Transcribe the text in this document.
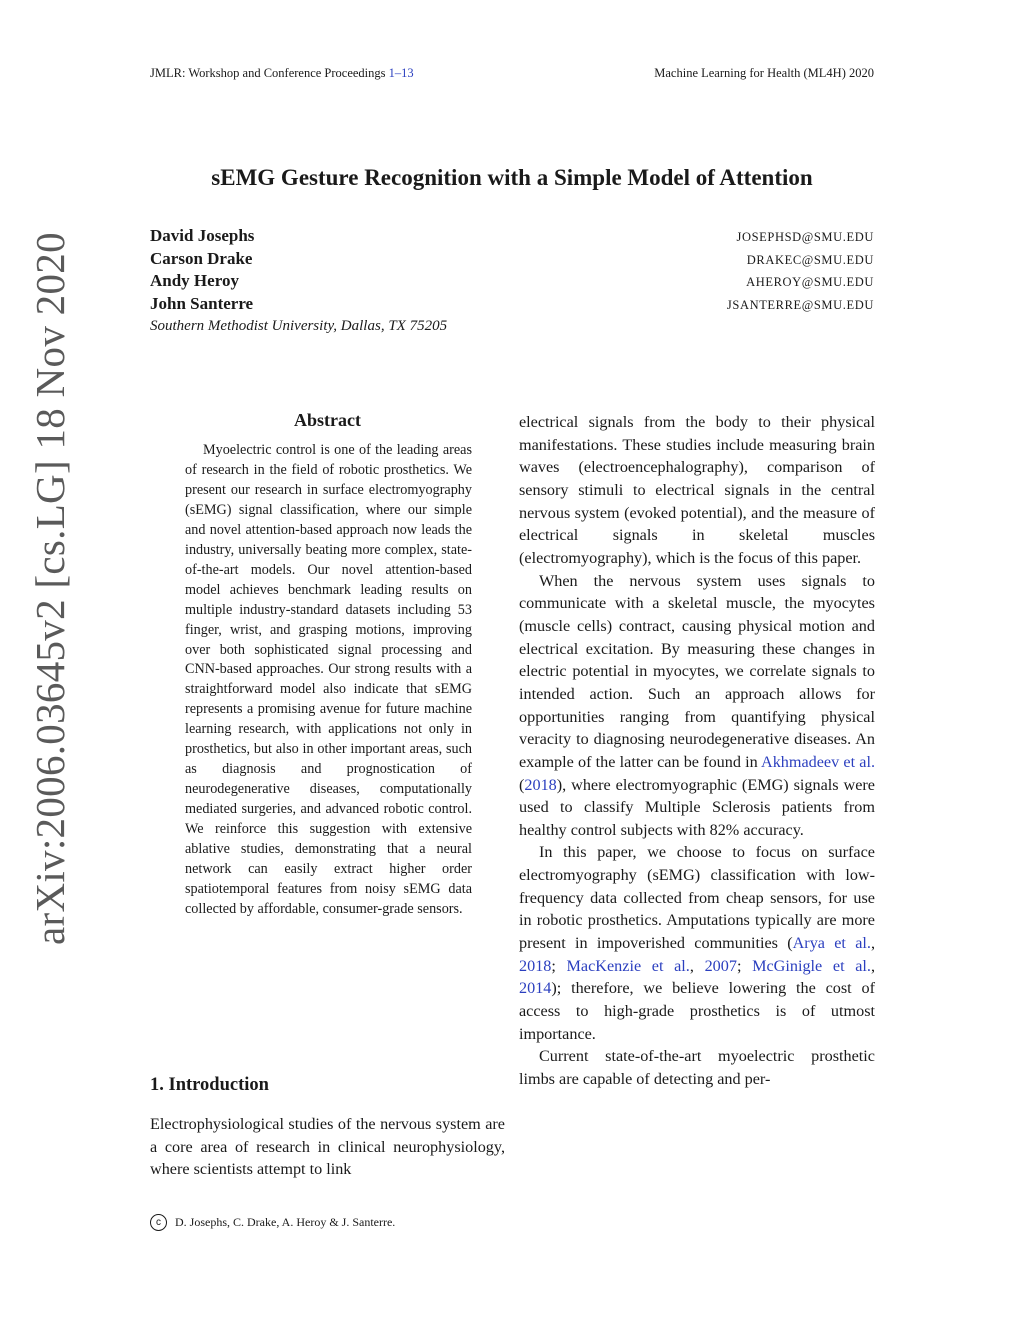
JMLR: Workshop and Conference Proceedings 1–13	Machine Learning for Health (ML4H) 2020
arXiv:2006.03645v2 [cs.LG] 18 Nov 2020
sEMG Gesture Recognition with a Simple Model of Attention
David Josephs	JOSEPHSD@SMU.EDU
Carson Drake	DRAKEC@SMU.EDU
Andy Heroy	AHEROY@SMU.EDU
John Santerre	JSANTERRE@SMU.EDU
Southern Methodist University, Dallas, TX 75205
Abstract
Myoelectric control is one of the leading areas of research in the field of robotic prosthetics. We present our research in surface electromyography (sEMG) signal classification, where our simple and novel attention-based approach now leads the industry, universally beating more complex, state-of-the-art models. Our novel attention-based model achieves benchmark leading results on multiple industry-standard datasets including 53 finger, wrist, and grasping motions, improving over both sophisticated signal processing and CNN-based approaches. Our strong results with a straightforward model also indicate that sEMG represents a promising avenue for future machine learning research, with applications not only in prosthetics, but also in other important areas, such as diagnosis and prognostication of neurodegenerative diseases, computationally mediated surgeries, and advanced robotic control. We reinforce this suggestion with extensive ablative studies, demonstrating that a neural network can easily extract higher order spatiotemporal features from noisy sEMG data collected by affordable, consumer-grade sensors.
1. Introduction
Electrophysiological studies of the nervous system are a core area of research in clinical neurophysiology, where scientists attempt to link

electrical signals from the body to their physical manifestations. These studies include measuring brain waves (electroencephalography), comparison of sensory stimuli to electrical signals in the central nervous system (evoked potential), and the measure of electrical signals in skeletal muscles (electromyography), which is the focus of this paper.

When the nervous system uses signals to communicate with a skeletal muscle, the myocytes (muscle cells) contract, causing physical motion and electrical excitation. By measuring these changes in electric potential in myocytes, we correlate signals to intended action. Such an approach allows for opportunities ranging from quantifying physical veracity to diagnosing neurodegenerative diseases. An example of the latter can be found in Akhmadeev et al. (2018), where electromyographic (EMG) signals were used to classify Multiple Sclerosis patients from healthy control subjects with 82% accuracy.

In this paper, we choose to focus on surface electromyography (sEMG) classification with low-frequency data collected from cheap sensors, for use in robotic prosthetics. Amputations typically are more present in impoverished communities (Arya et al., 2018; MacKenzie et al., 2007; McGinigle et al., 2014); therefore, we believe lowering the cost of access to high-grade prosthetics is of utmost importance.

Current state-of-the-art myoelectric prosthetic limbs are capable of detecting and per-

c	D. Josephs, C. Drake, A. Heroy & J. Santerre.
